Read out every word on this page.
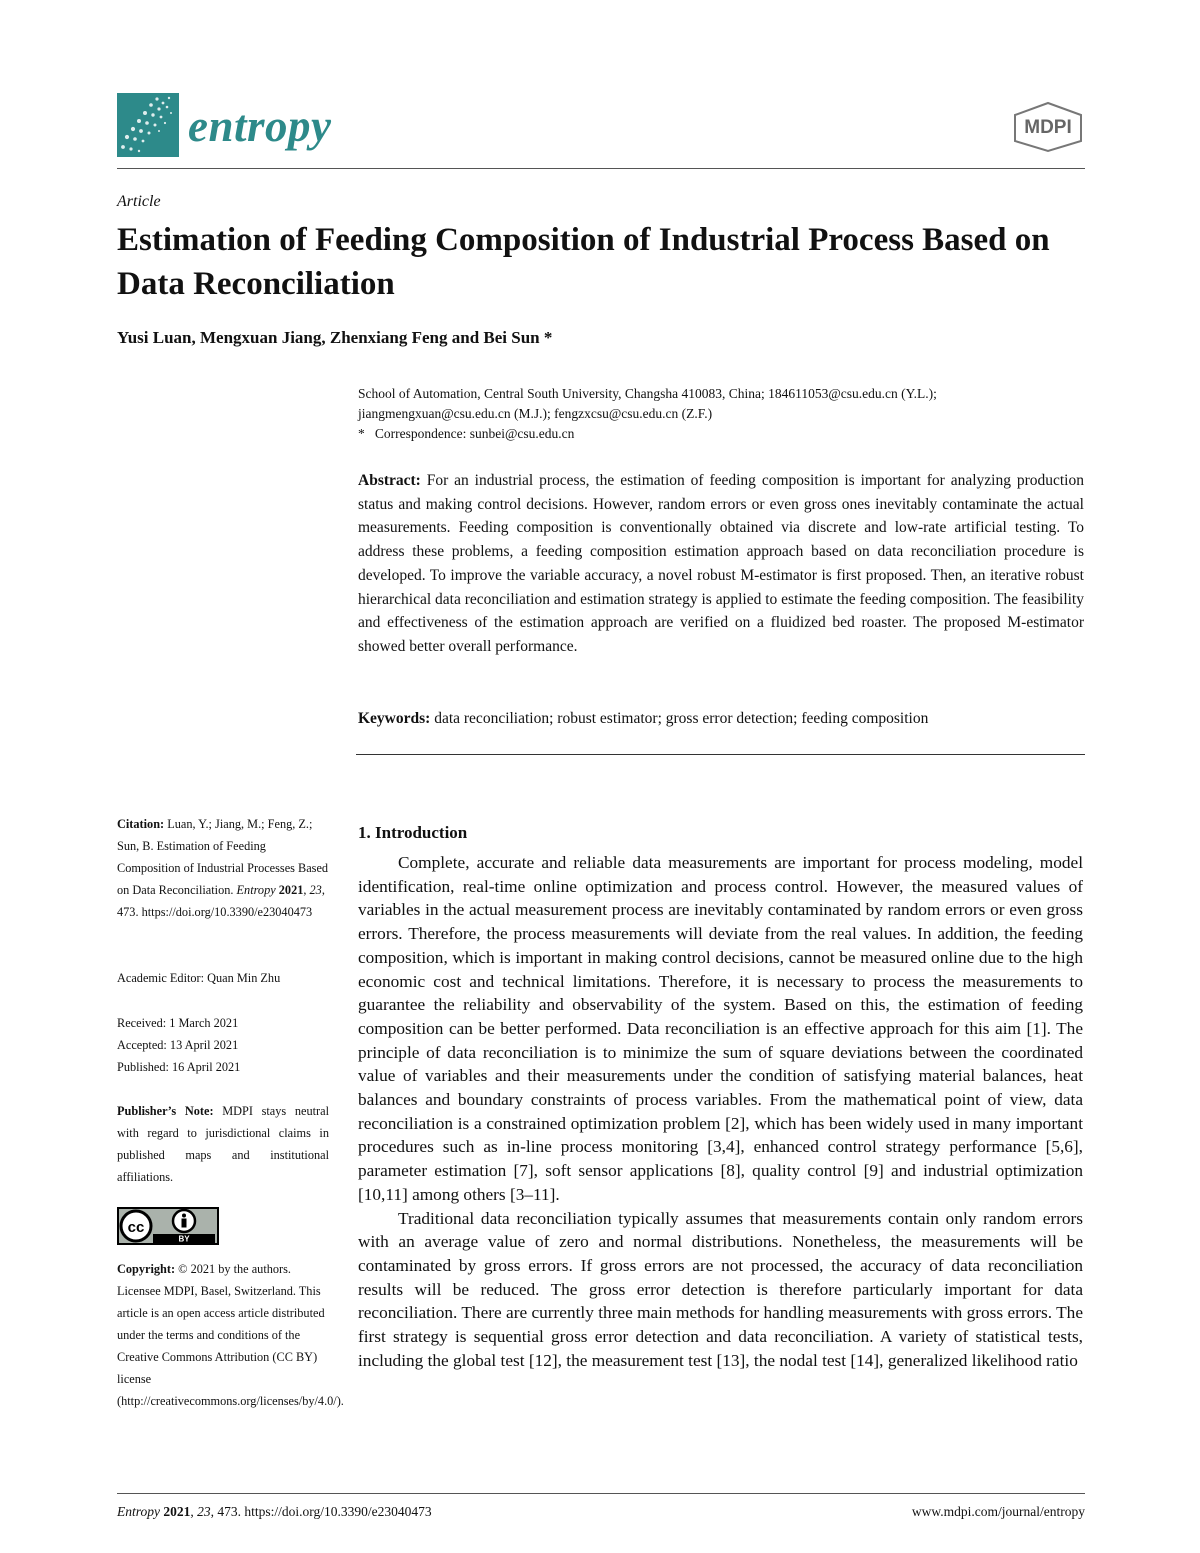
entropy	MDPI
Article
Estimation of Feeding Composition of Industrial Process Based on Data Reconciliation
Yusi Luan, Mengxuan Jiang, Zhenxiang Feng and Bei Sun *
School of Automation, Central South University, Changsha 410083, China; 184611053@csu.edu.cn (Y.L.);
jiangmengxuan@csu.edu.cn (M.J.); fengzxcsu@csu.edu.cn (Z.F.)
* Correspondence: sunbei@csu.edu.cn
Abstract: For an industrial process, the estimation of feeding composition is important for analyzing production status and making control decisions. However, random errors or even gross ones inevitably contaminate the actual measurements. Feeding composition is conventionally obtained via discrete and low-rate artificial testing. To address these problems, a feeding composition estimation approach based on data reconciliation procedure is developed. To improve the variable accuracy, a novel robust M-estimator is first proposed. Then, an iterative robust hierarchical data reconciliation and estimation strategy is applied to estimate the feeding composition. The feasibility and effectiveness of the estimation approach are verified on a fluidized bed roaster. The proposed M-estimator showed better overall performance.
Keywords: data reconciliation; robust estimator; gross error detection; feeding composition
Citation: Luan, Y.; Jiang, M.; Feng, Z.; Sun, B. Estimation of Feeding Composition of Industrial Processes Based on Data Reconciliation. Entropy 2021, 23, 473. https://doi.org/10.3390/e23040473
Academic Editor: Quan Min Zhu
Received: 1 March 2021
Accepted: 13 April 2021
Published: 16 April 2021
Publisher’s Note: MDPI stays neutral with regard to jurisdictional claims in published maps and institutional affiliations.
cc
BY
Copyright: © 2021 by the authors. Licensee MDPI, Basel, Switzerland. This article is an open access article distributed under the terms and conditions of the Creative Commons Attribution (CC BY) license (http://creativecommons.org/licenses/by/4.0/).
1. Introduction

Complete, accurate and reliable data measurements are important for process modeling, model identification, real-time online optimization and process control. However, the measured values of variables in the actual measurement process are inevitably contaminated by random errors or even gross errors. Therefore, the process measurements will deviate from the real values. In addition, the feeding composition, which is important in making control decisions, cannot be measured online due to the high economic cost and technical limitations. Therefore, it is necessary to process the measurements to guarantee the reliability and observability of the system. Based on this, the estimation of feeding composition can be better performed. Data reconciliation is an effective approach for this aim [1]. The principle of data reconciliation is to minimize the sum of square deviations between the coordinated value of variables and their measurements under the condition of satisfying material balances, heat balances and boundary constraints of process variables. From the mathematical point of view, data reconciliation is a constrained optimization problem [2], which has been widely used in many important procedures such as in-line process monitoring [3,4], enhanced control strategy performance [5,6], parameter estimation [7], soft sensor applications [8], quality control [9] and industrial optimization [10,11] among others [3–11].

Traditional data reconciliation typically assumes that measurements contain only random errors with an average value of zero and normal distributions. Nonetheless, the measurements will be contaminated by gross errors. If gross errors are not processed, the accuracy of data reconciliation results will be reduced. The gross error detection is therefore particularly important for data reconciliation. There are currently three main methods for handling measurements with gross errors. The first strategy is sequential gross error detection and data reconciliation. A variety of statistical tests, including the global test [12], the measurement test [13], the nodal test [14], generalized likelihood ratio

Entropy 2021, 23, 473. https://doi.org/10.3390/e23040473	www.mdpi.com/journal/entropy
